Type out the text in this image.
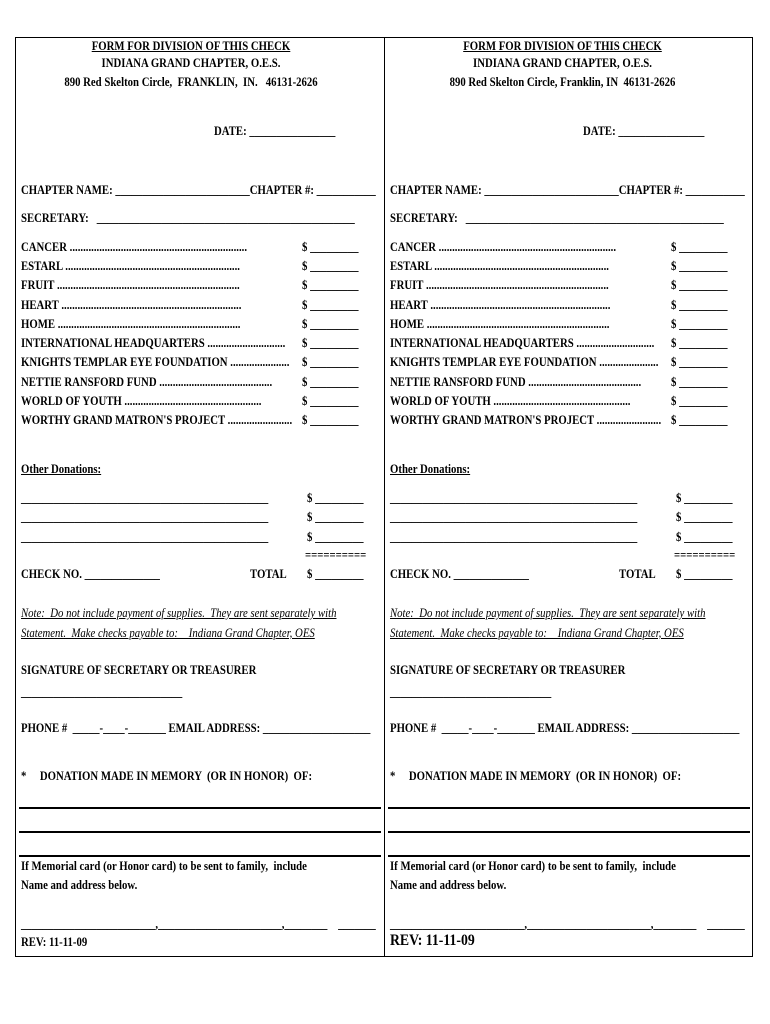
FORM FOR DIVISION OF THIS CHECK
INDIANA GRAND CHAPTER, O.E.S.
890 Red Skelton Circle,  FRANKLIN,  IN.   46131-2626
DATE: ________________
CHAPTER NAME: _________________________CHAPTER #: ___________
SECRETARY:   ________________________________________________
CANCER ..................................................................	$ _________
ESTARL .................................................................	$ _________
FRUIT ....................................................................	$ _________
HEART ...................................................................	$ _________
HOME ....................................................................	$ _________
INTERNATIONAL HEADQUARTERS ............................. $ _________
KNIGHTS TEMPLAR EYE FOUNDATION ...................... $ _________
NETTIE RANSFORD FUND .......................................... $ _________
WORLD OF YOUTH ...................................................	$ _________
WORTHY GRAND MATRON'S PROJECT ........................ $ _________
Other Donations:
______________________________________________	$ _________
______________________________________________	$ _________
______________________________________________	$ _________
==========
CHECK NO. ______________	TOTAL $ _________
Note:  Do not include payment of supplies.  They are sent separately with
Statement.  Make checks payable to:    Indiana Grand Chapter, OES
SIGNATURE OF SECRETARY OR TREASURER
______________________________
PHONE #  _____-____-_______ EMAIL ADDRESS: ____________________
*     DONATION MADE IN MEMORY  (OR IN HONOR)  OF:
If Memorial card (or Honor card) to be sent to family,  include
Name and address below.
_________________________,_______________________,________    _______
REV: 11-11-09
FORM FOR DIVISION OF THIS CHECK
INDIANA GRAND CHAPTER, O.E.S.
890 Red Skelton Circle, Franklin, IN  46131-2626
DATE: ________________
CHAPTER NAME: _________________________CHAPTER #: ___________
SECRETARY:   ________________________________________________
CANCER ..................................................................	$ _________
ESTARL .................................................................	$ _________
FRUIT ....................................................................	$ _________
HEART ...................................................................	$ _________
HOME ....................................................................	$ _________
INTERNATIONAL HEADQUARTERS ............................. $ _________
KNIGHTS TEMPLAR EYE FOUNDATION ...................... $ _________
NETTIE RANSFORD FUND .......................................... $ _________
WORLD OF YOUTH ...................................................	$ _________
WORTHY GRAND MATRON'S PROJECT ........................ $ _________
Other Donations:
______________________________________________	$ _________
______________________________________________	$ _________
______________________________________________	$ _________
==========
CHECK NO. ______________	TOTAL $ _________
Note:  Do not include payment of supplies.  They are sent separately with
Statement.  Make checks payable to:    Indiana Grand Chapter, OES
SIGNATURE OF SECRETARY OR TREASURER
______________________________
PHONE #  _____-____-_______ EMAIL ADDRESS: ____________________
*     DONATION MADE IN MEMORY  (OR IN HONOR)  OF:
If Memorial card (or Honor card) to be sent to family,  include
Name and address below.
_________________________,_______________________,________    _______
REV: 11-11-09
